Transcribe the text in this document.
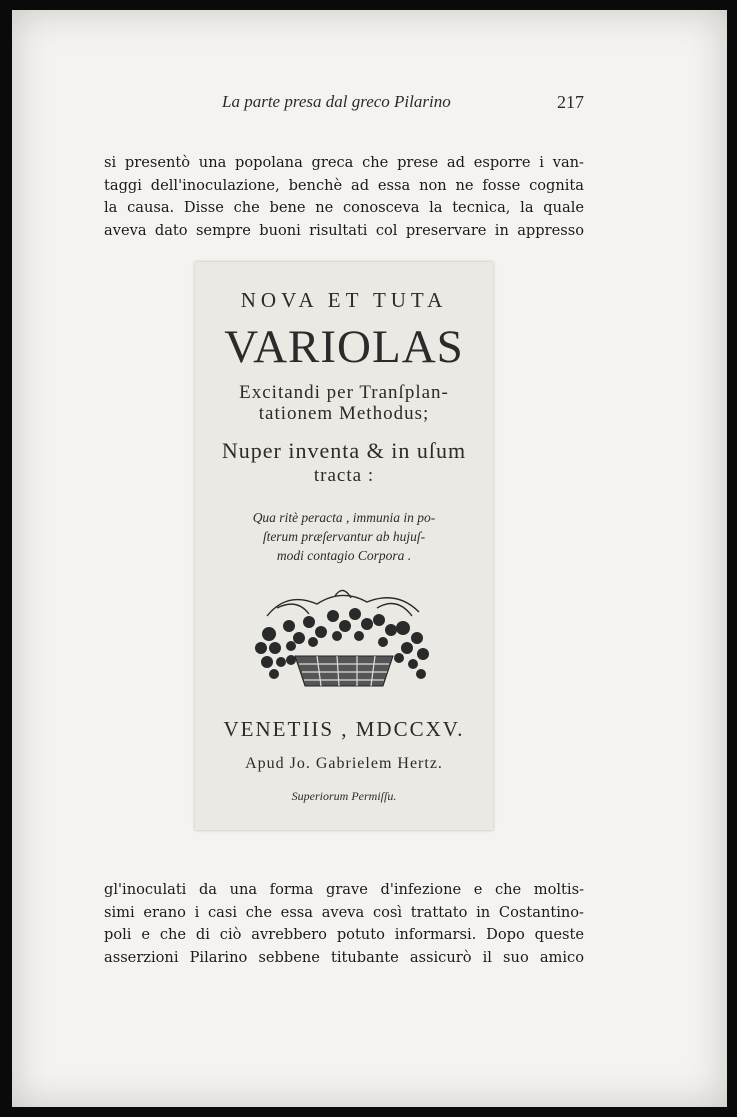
La parte presa dal greco Pilarino	217

si presentò una popolana greca che prese ad esporre i van-
taggi dell'inoculazione, benchè ad essa non ne fosse cognita
la causa. Disse che bene ne conosceva la tecnica, la quale
aveva dato sempre buoni risultati col preservare in appresso

NOVA ET TUTA
VARIOLAS
Excitandi per Tranſplan-
tationem Methodus;
Nuper inventa & in uſum
tracta :
Qua ritè peracta , immunia in po-
ſterum præſervantur ab hujuſ-
modi contagio Corpora .
VENETIIS , MDCCXV.
Apud Jo. Gabrielem Hertz.
Superiorum Permiſſu.

gl'inoculati da una forma grave d'infezione e che moltis-
simi erano i casi che essa aveva così trattato in Costantino-
poli e che di ciò avrebbero potuto informarsi. Dopo queste
asserzioni Pilarino sebbene titubante assicurò il suo amico
